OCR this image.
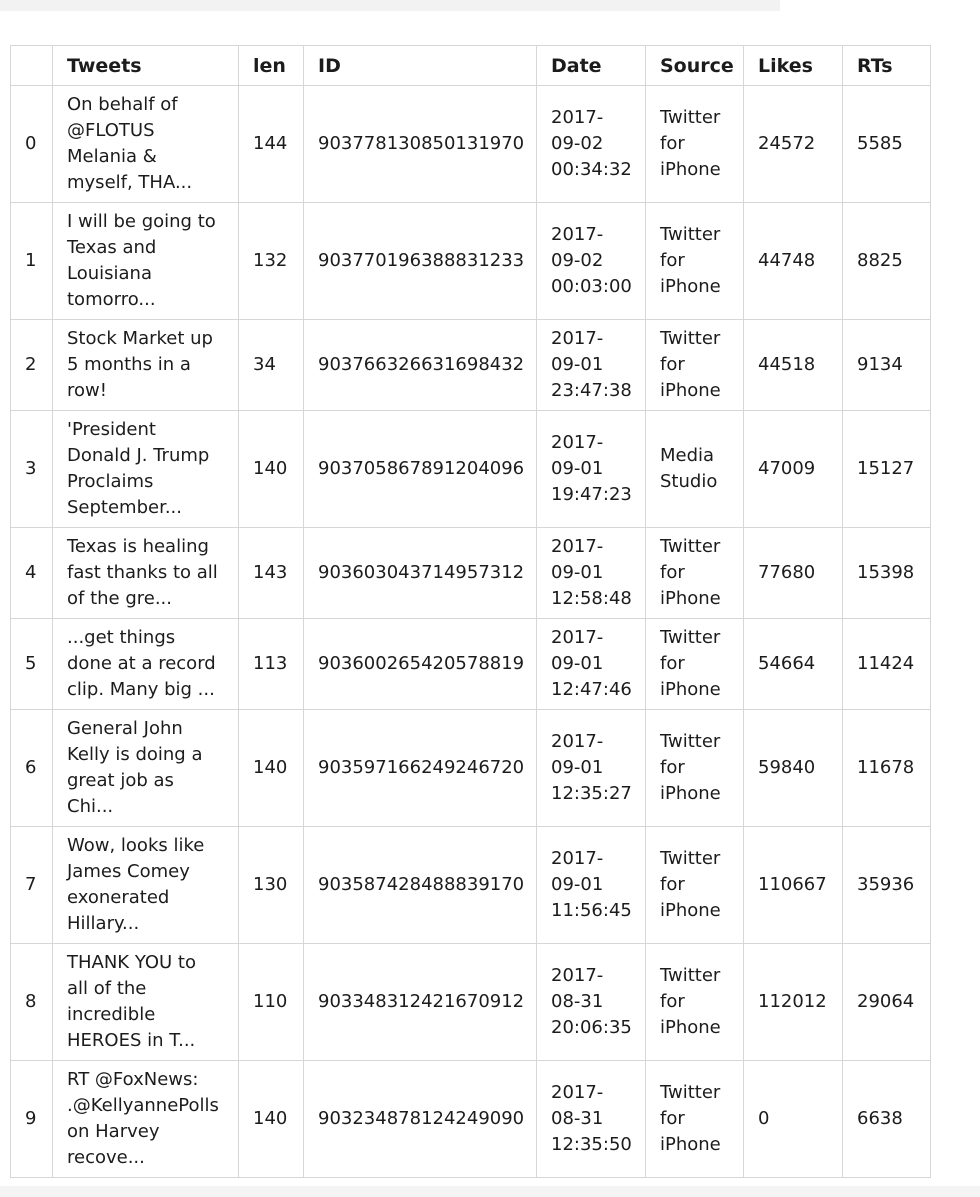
	Tweets	len	ID	Date	Source	Likes	RTs
0	On behalf of
@FLOTUS
Melania &
myself, THA...	144	903778130850131970	2017-
09-02
00:34:32	Twitter
for
iPhone	24572	5585
1	I will be going to
Texas and
Louisiana
tomorro...	132	903770196388831233	2017-
09-02
00:03:00	Twitter
for
iPhone	44748	8825
2	Stock Market up
5 months in a
row!	34	903766326631698432	2017-
09-01
23:47:38	Twitter
for
iPhone	44518	9134
3	'President
Donald J. Trump
Proclaims
September...	140	903705867891204096	2017-
09-01
19:47:23	Media
Studio	47009	15127
4	Texas is healing
fast thanks to all
of the gre...	143	903603043714957312	2017-
09-01
12:58:48	Twitter
for
iPhone	77680	15398
5	...get things
done at a record
clip. Many big ...	113	903600265420578819	2017-
09-01
12:47:46	Twitter
for
iPhone	54664	11424
6	General John
Kelly is doing a
great job as
Chi...	140	903597166249246720	2017-
09-01
12:35:27	Twitter
for
iPhone	59840	11678
7	Wow, looks like
James Comey
exonerated
Hillary...	130	903587428488839170	2017-
09-01
11:56:45	Twitter
for
iPhone	110667	35936
8	THANK YOU to
all of the
incredible
HEROES in T...	110	903348312421670912	2017-
08-31
20:06:35	Twitter
for
iPhone	112012	29064
9	RT @FoxNews:
.@KellyannePolls
on Harvey
recove...	140	903234878124249090	2017-
08-31
12:35:50	Twitter
for
iPhone	0	6638
